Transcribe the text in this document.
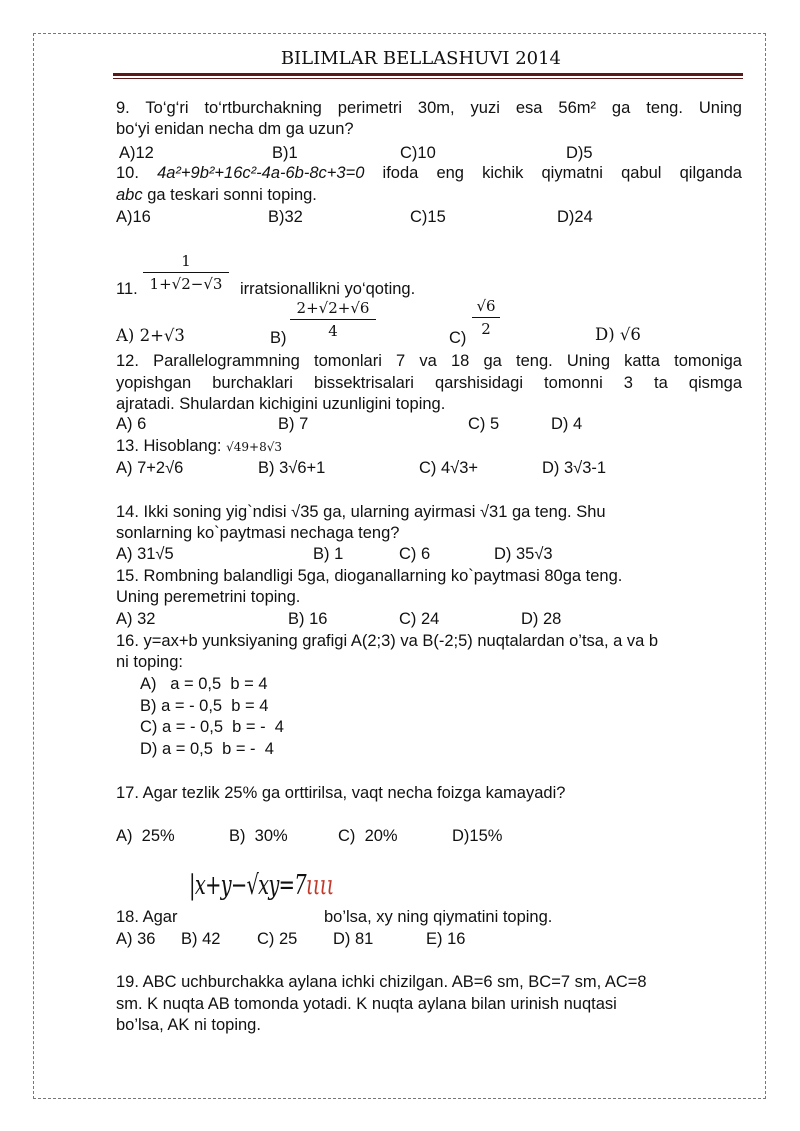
BILIMLAR BELLASHUVI 2014
9. To‘g‘ri to‘rtburchakning perimetri 30m, yuzi esa 56m² ga teng. Uning
bo‘yi enidan necha dm ga uzun?
A)12	B)1	C)10	D)5
10. 4a²+9b²+16c²-4a-6b-8c+3=0 ifoda eng kichik qiymatni qabul qilganda
abc ga teskari sonni toping.
A)16	B)32	C)15	D)24
1
1+√2−√3
11.	irratsionallikni yo‘qoting.
A) 2+√3	B)
2+√2+√6
4	C)
√6
2	D) √6
12. Parallelogrammning tomonlari 7 va 18 ga teng. Uning katta tomoniga
yopishgan burchaklari bissektrisalari qarshisidagi tomonni 3 ta qismga
ajratadi. Shulardan kichigini uzunligini toping.
A) 6	B) 7	C) 5	D) 4
13. Hisoblang: √49+8√3
A) 7+2√6	B) 3√6+1	C) 4√3+	D) 3√3-1
14. Ikki soning yig`ndisi √35 ga, ularning ayirmasi √31 ga teng. Shu
sonlarning ko`paytmasi nechaga teng?
A) 31√5	B) 1	C) 6	D) 35√3
15. Rombning balandligi 5ga, dioganallarning ko`paytmasi 80ga teng.
Uning peremetrini toping.
A) 32	B) 16	C) 24	D) 28
16. y=ax+b yunksiyaning grafigi A(2;3) va B(-2;5) nuqtalardan o’tsa, a va b
ni toping:
A)   a = 0,5  b = 4
B) a = - 0,5  b = 4
C) a = - 0,5  b = -  4
D) a = 0,5  b = -  4
17. Agar tezlik 25% ga orttirilsa, vaqt necha foizga kamayadi?
A)  25%	B)  30%	C)  20%	D)15%
18. Agar
|x+y−√xy=7ιιιι
bo’lsa, xy ning qiymatini toping.
A) 36 B) 42 C) 25 D) 81	E) 16
19. ABC uchburchakka aylana ichki chizilgan. AB=6 sm, BC=7 sm, AC=8
sm. K nuqta AB tomonda yotadi. K nuqta aylana bilan urinish nuqtasi
bo’lsa, AK ni toping.
